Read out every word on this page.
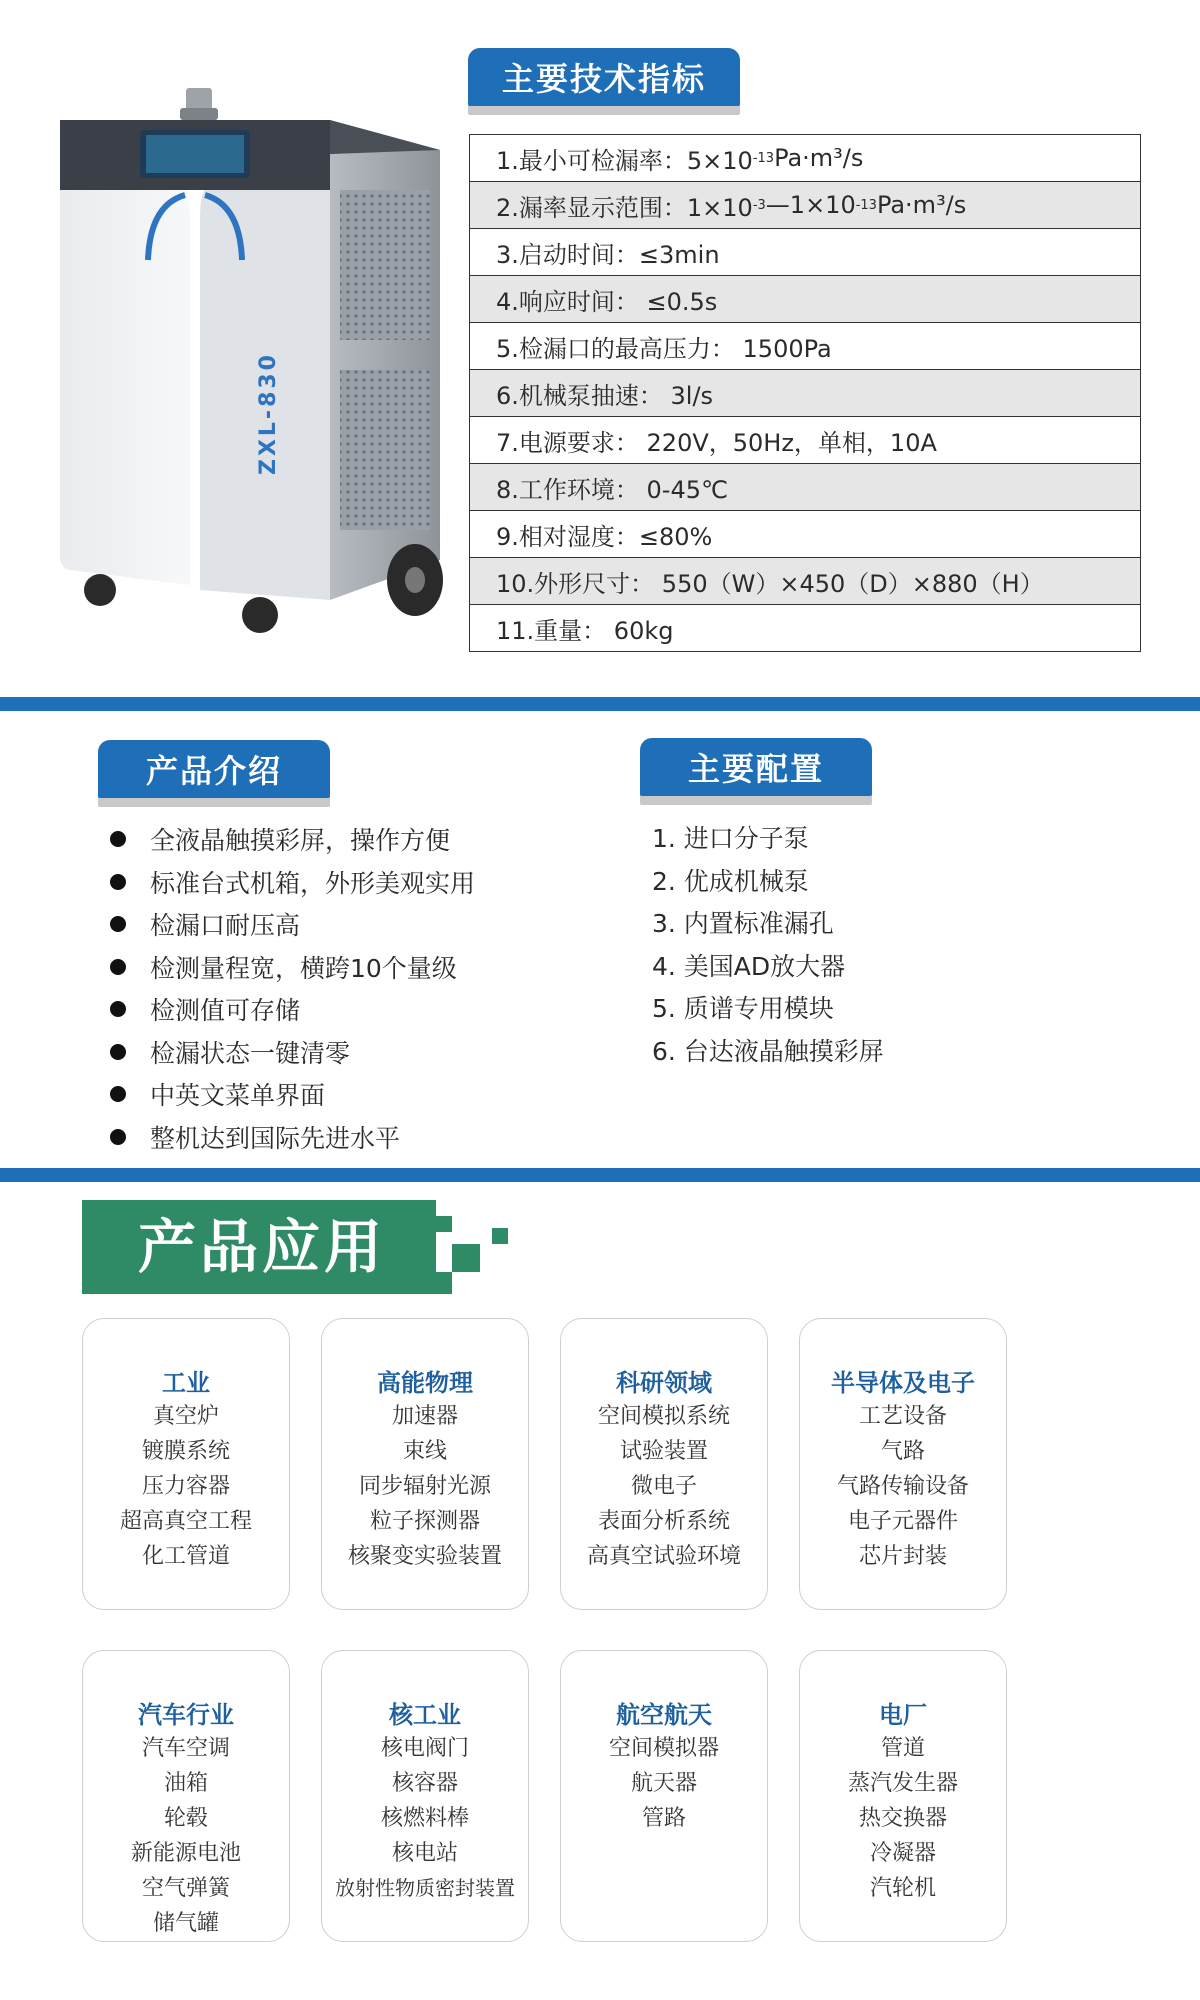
ZXL-830
主要技术指标
1.最小可检漏率：5×10 -13 Pa·m³/s
2.漏率显示范围：1×10 -3 —1×10 -13 Pa·m³/s
3.启动时间：≤3min
4.响应时间： ≤0.5s
5.检漏口的最高压力： 1500Pa
6.机械泵抽速： 3l/s
7.电源要求： 220V，50Hz，单相，10A
8.工作环境： 0-45℃
9.相对湿度：≤80%
10.外形尺寸： 550（W）×450（D）×880（H）
11.重量： 60kg
产品介绍	主要配置
全液晶触摸彩屏，操作方便
标准台式机箱，外形美观实用
检漏口耐压高
检测量程宽，横跨10个量级
检测值可存储
检漏状态一键清零
中英文菜单界面
整机达到国际先进水平
1. 进口分子泵
2. 优成机械泵
3. 内置标准漏孔
4. 美国AD放大器
5. 质谱专用模块
6. 台达液晶触摸彩屏
产品应用
工业
真空炉
镀膜系统
压力容器
超高真空工程
化工管道
高能物理
加速器
束线
同步辐射光源
粒子探测器
核聚变实验装置
科研领域
空间模拟系统
试验装置
微电子
表面分析系统
高真空试验环境
半导体及电子
工艺设备
气路
气路传输设备
电子元器件
芯片封装
汽车行业
汽车空调
油箱
轮毂
新能源电池
空气弹簧
储气罐
核工业
核电阀门
核容器
核燃料棒
核电站
放射性物质密封装置
航空航天
空间模拟器
航天器
管路
电厂
管道
蒸汽发生器
热交换器
冷凝器
汽轮机
